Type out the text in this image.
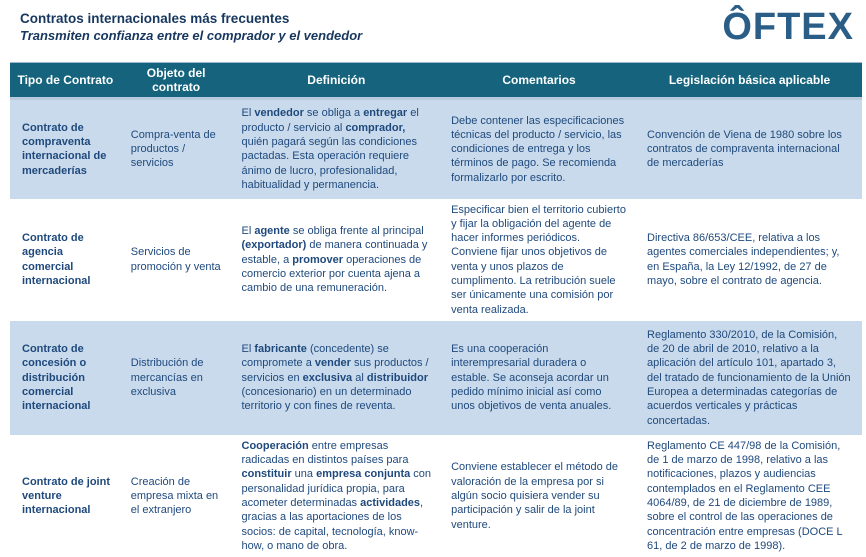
Contratos internacionales más frecuentes
Transmiten confianza entre el comprador y el vendedor	ÔFTEX
Tipo de Contrato	Objeto del contrato	Definición	Comentarios	Legislación básica aplicable
Contrato de compraventa internacional de mercaderías	Compra-venta de productos / servicios	El vendedor se obliga a entregar el producto / servicio al comprador, quién pagará según las condiciones pactadas. Esta operación requiere ánimo de lucro, profesionalidad, habitualidad y permanencia.	Debe contener las especificaciones técnicas del producto / servicio, las condiciones de entrega y los términos de pago. Se recomienda formalizarlo por escrito.	Convención de Viena de 1980 sobre los contratos de compraventa internacional de mercaderías
Contrato de agencia comercial internacional	Servicios de promoción y venta	El agente se obliga frente al principal (exportador) de manera continuada y estable, a promover operaciones de comercio exterior por cuenta ajena a cambio de una remuneración.	Especificar bien el territorio cubierto y fijar la obligación del agente de hacer informes periódicos. Conviene fijar unos objetivos de venta y unos plazos de cumplimento. La retribución suele ser únicamente una comisión por venta realizada.	Directiva 86/653/CEE, relativa a los agentes comerciales independientes; y, en España, la Ley 12/1992, de 27 de mayo, sobre el contrato de agencia.
Contrato de concesión o distribución comercial internacional	Distribución de mercancías en exclusiva	El fabricante (concedente) se compromete a vender sus productos / servicios en exclusiva al distribuidor (concesionario) en un determinado territorio y con fines de reventa.	Es una cooperación interempresarial duradera o estable. Se aconseja acordar un pedido mínimo inicial así como unos objetivos de venta anuales.	Reglamento 330/2010, de la Comisión, de 20 de abril de 2010, relativo a la aplicación del artículo 101, apartado 3, del tratado de funcionamiento de la Unión Europea a determinadas categorías de acuerdos verticales y prácticas concertadas.
Contrato de joint venture internacional	Creación de empresa mixta en el extranjero	Cooperación entre empresas radicadas en distintos países para constituir una empresa conjunta con personalidad jurídica propia, para acometer determinadas actividades, gracias a las aportaciones de los socios: de capital, tecnología, know-how, o mano de obra.	Conviene establecer el método de valoración de la empresa por si algún socio quisiera vender su participación y salir de la joint venture.	Reglamento CE 447/98 de la Comisión, de 1 de marzo de 1998, relativo a las notificaciones, plazos y audiencias contemplados en el Reglamento CEE 4064/89, de 21 de diciembre de 1989, sobre el control de las operaciones de concentración entre empresas (DOCE L 61, de 2 de marzo de 1998).
